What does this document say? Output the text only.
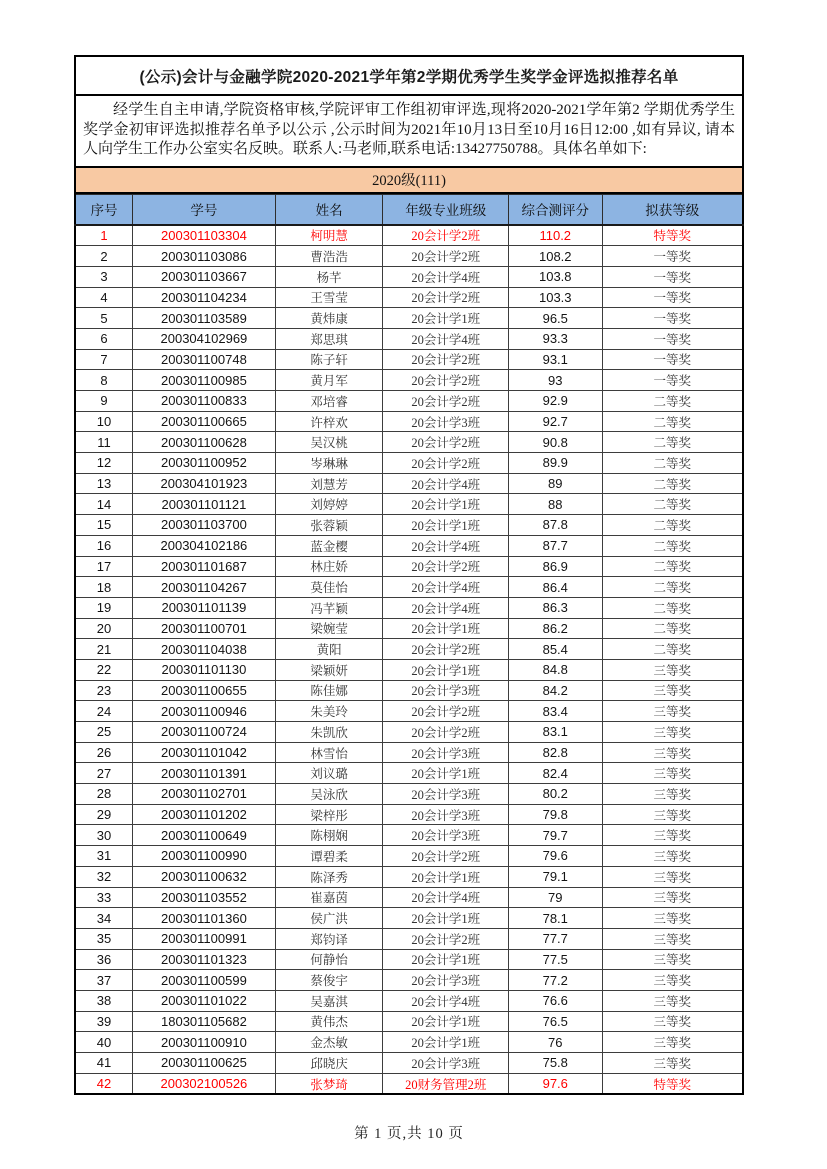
(公示)会计与金融学院2020-2021学年第2学期优秀学生奖学金评选拟推荐名单
经学生自主申请,学院资格审核,学院评审工作组初审评选,现将2020-2021学年第2 学期优秀学生奖学金初审评选拟推荐名单予以公示 ,公示时间为2021年10月13日至10月16日12:00 ,如有异议, 请本人向学生工作办公室实名反映。联系人:马老师,联系电话:13427750788。具体名单如下:
2020级(111)
序号	学号	姓名	年级专业班级	综合测评分	拟获等级
1	200301103304	柯明慧	20会计学2班	110.2	特等奖
2	200301103086	曹浩浩	20会计学2班	108.2	一等奖
3	200301103667	杨芊	20会计学4班	103.8	一等奖
4	200301104234	王雪莹	20会计学2班	103.3	一等奖
5	200301103589	黄炜康	20会计学1班	96.5	一等奖
6	200304102969	郑思琪	20会计学4班	93.3	一等奖
7	200301100748	陈子轩	20会计学2班	93.1	一等奖
8	200301100985	黄月军	20会计学2班	93	一等奖
9	200301100833	邓培睿	20会计学2班	92.9	二等奖
10	200301100665	许梓欢	20会计学3班	92.7	二等奖
11	200301100628	吴汉桃	20会计学2班	90.8	二等奖
12	200301100952	岑琳琳	20会计学2班	89.9	二等奖
13	200304101923	刘慧芳	20会计学4班	89	二等奖
14	200301101121	刘婷婷	20会计学1班	88	二等奖
15	200301103700	张蓉颖	20会计学1班	87.8	二等奖
16	200304102186	蓝金樱	20会计学4班	87.7	二等奖
17	200301101687	林庄娇	20会计学2班	86.9	二等奖
18	200301104267	莫佳怡	20会计学4班	86.4	二等奖
19	200301101139	冯芊颖	20会计学4班	86.3	二等奖
20	200301100701	梁婉莹	20会计学1班	86.2	二等奖
21	200301104038	黄阳	20会计学2班	85.4	二等奖
22	200301101130	梁颖妍	20会计学1班	84.8	三等奖
23	200301100655	陈佳娜	20会计学3班	84.2	三等奖
24	200301100946	朱美玲	20会计学2班	83.4	三等奖
25	200301100724	朱凯欣	20会计学2班	83.1	三等奖
26	200301101042	林雪怡	20会计学3班	82.8	三等奖
27	200301101391	刘议璐	20会计学1班	82.4	三等奖
28	200301102701	吴泳欣	20会计学3班	80.2	三等奖
29	200301101202	梁梓彤	20会计学3班	79.8	三等奖
30	200301100649	陈栩娴	20会计学3班	79.7	三等奖
31	200301100990	谭碧柔	20会计学2班	79.6	三等奖
32	200301100632	陈泽秀	20会计学1班	79.1	三等奖
33	200301103552	崔嘉茵	20会计学4班	79	三等奖
34	200301101360	侯广洪	20会计学1班	78.1	三等奖
35	200301100991	郑钧译	20会计学2班	77.7	三等奖
36	200301101323	何静怡	20会计学1班	77.5	三等奖
37	200301100599	蔡俊宇	20会计学3班	77.2	三等奖
38	200301101022	吴嘉淇	20会计学4班	76.6	三等奖
39	180301105682	黄伟杰	20会计学1班	76.5	三等奖
40	200301100910	金杰敏	20会计学1班	76	三等奖
41	200301100625	邱晓庆	20会计学3班	75.8	三等奖
42	200302100526	张梦琦	20财务管理2班	97.6	特等奖
第 1 页,共 10 页
